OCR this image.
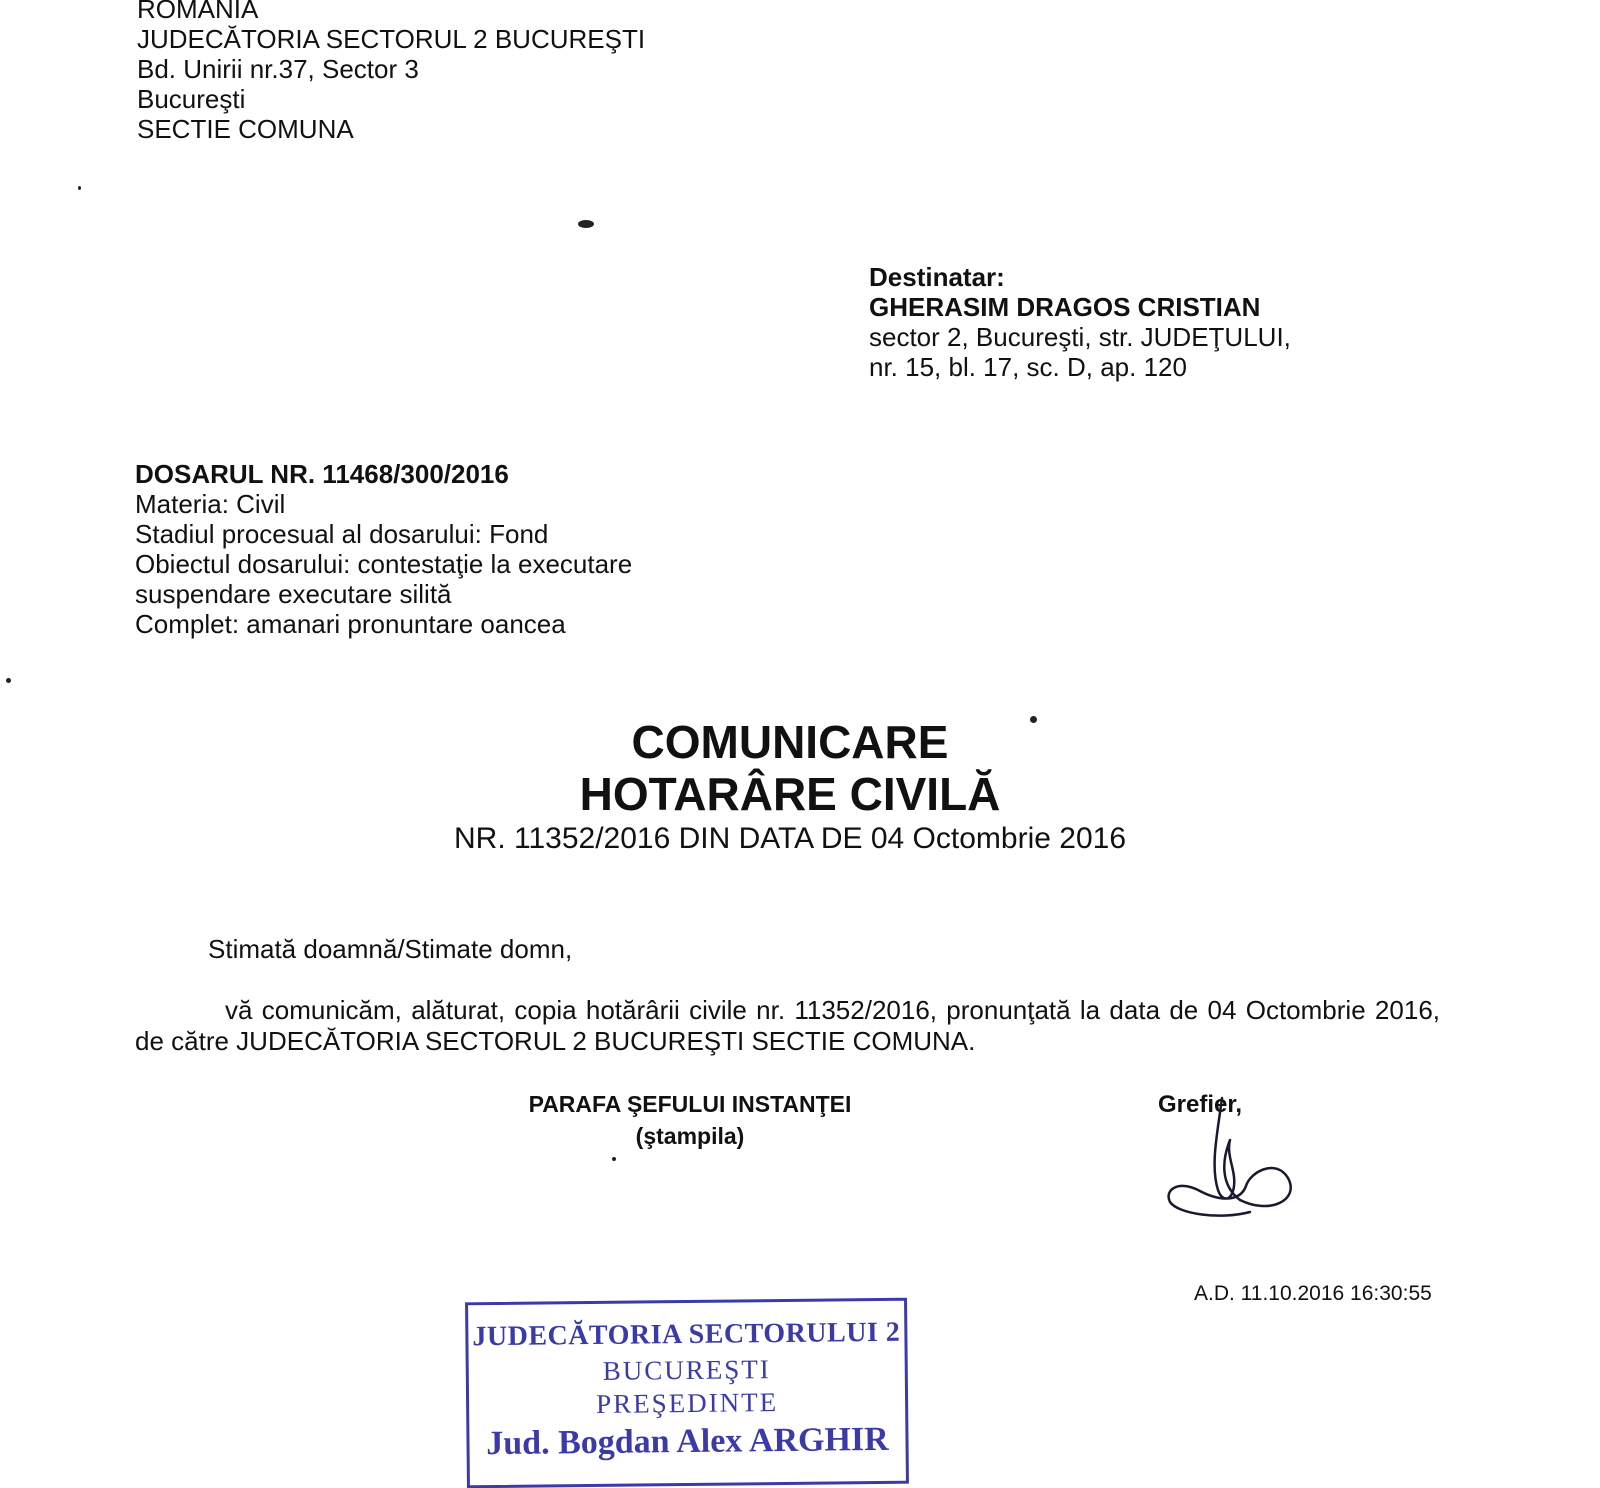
ROMANIA
JUDECĂTORIA SECTORUL 2 BUCUREŞTI
Bd. Unirii nr.37, Sector 3
Bucureşti
SECTIE COMUNA
Destinatar:
GHERASIM DRAGOS CRISTIAN
sector 2, Bucureşti, str. JUDEŢULUI,
nr. 15, bl. 17, sc. D, ap. 120
DOSARUL NR. 11468/300/2016
Materia: Civil
Stadiul procesual al dosarului: Fond
Obiectul dosarului: contestaţie la executare
suspendare executare silită
Complet: amanari pronuntare oancea
COMUNICARE
HOTARÂRE CIVILĂ
NR. 11352/2016 DIN DATA DE 04 Octombrie 2016
Stimată doamnă/Stimate domn,
vă comunicăm, alăturat, copia hotărârii civile nr. 11352/2016, pronunţată la data de 04 Octombrie 2016, de către JUDECĂTORIA SECTORUL 2 BUCUREŞTI SECTIE COMUNA.
PARAFA ŞEFULUI INSTANŢEI
(ştampila)
Grefier,
A.D. 11.10.2016 16:30:55
JUDECĂTORIA SECTORULUI 2
BUCUREŞTI
PREŞEDINTE
Jud. Bogdan Alex ARGHIR
